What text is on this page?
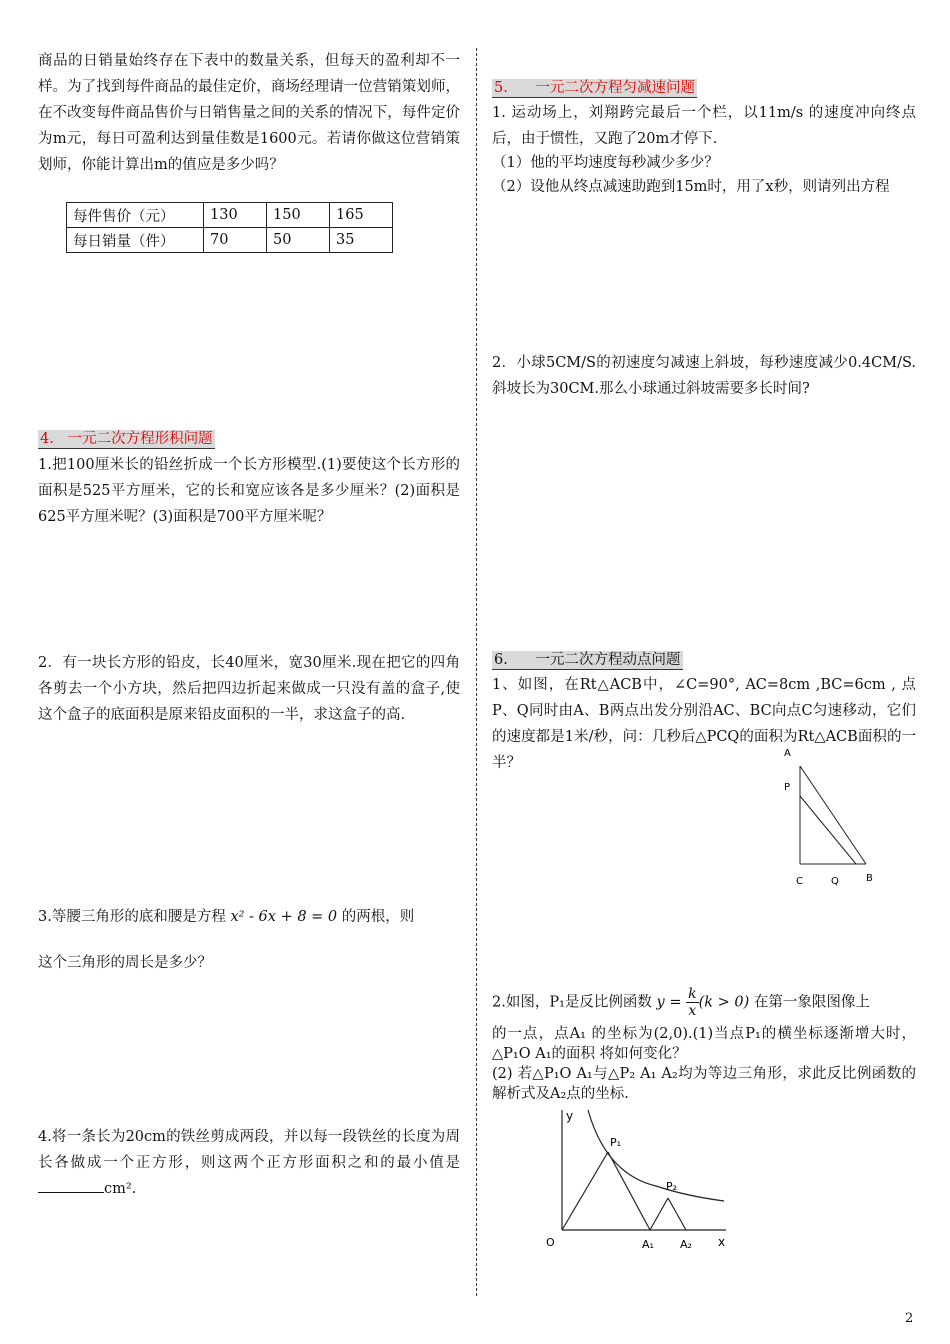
商品的日销量始终存在下表中的数量关系，但每天的盈利却不一样。为了找到每件商品的最佳定价，商场经理请一位营销策划师，在不改变每件商品售价与日销售量之间的关系的情况下，每件定价为m元，每日可盈利达到量佳数是1600元。若请你做这位营销策划师，你能计算出m的值应是多少吗？
每件售价（元）	130	150	165
每日销量（件）	70	50	35
4.   一元二次方程形积问题
1.把100厘米长的铅丝折成一个长方形模型.(1)要使这个长方形的面积是525平方厘米，它的长和宽应该各是多少厘米？(2)面积是625平方厘米呢？(3)面积是700平方厘米呢？
2．有一块长方形的铅皮，长40厘米，宽30厘米.现在把它的四角各剪去一个小方块，然后把四边折起来做成一只没有盖的盒子,使这个盒子的底面积是原来铅皮面积的一半，求这盒子的高.
3.等腰三角形的底和腰是方程 x² - 6x + 8 = 0 的两根，则
这个三角形的周长是多少？
4.将一条长为20cm的铁丝剪成两段，并以每一段铁丝的长度为周长各做成一个正方形，则这两个正方形面积之和的最小值是cm².
5.      一元二次方程匀减速问题
1. 运动场上，刘翔跨完最后一个栏，以11m/s 的速度冲向终点后，由于惯性，又跑了20m才停下.
（1）他的平均速度每秒减少多少？
（2）设他从终点减速助跑到15m时，用了x秒，则请列出方程
2．小球5CM/S的初速度匀减速上斜坡，每秒速度减少0.4CM/S.斜坡长为30CM.那么小球通过斜坡需要多长时间?
6.      一元二次方程动点问题
1、如图，在Rt△ACB中，∠C=90°, AC=8cm ,BC=6cm , 点P、Q同时由A、B两点出发分别沿AC、BC向点C匀速移动，它们的速度都是1米/秒，问：几秒后△PCQ的面积为Rt△ACB面积的一半？
A
P
C	Q	B
2.如图，P₁是反比例函数 $y = \frac{k}{x} (k > 0)$ 在第一象限图像上
的一点，点A₁ 的坐标为(2,0).(1)当点P₁的横坐标逐渐增大时，△P₁O A₁的面积 将如何变化？
(2) 若△P₁O A₁与△P₂ A₁ A₂均为等边三角形，求此反比例函数的解析式及A₂点的坐标.
y
x
O
P₁
P₂
A₁ A₂
2
